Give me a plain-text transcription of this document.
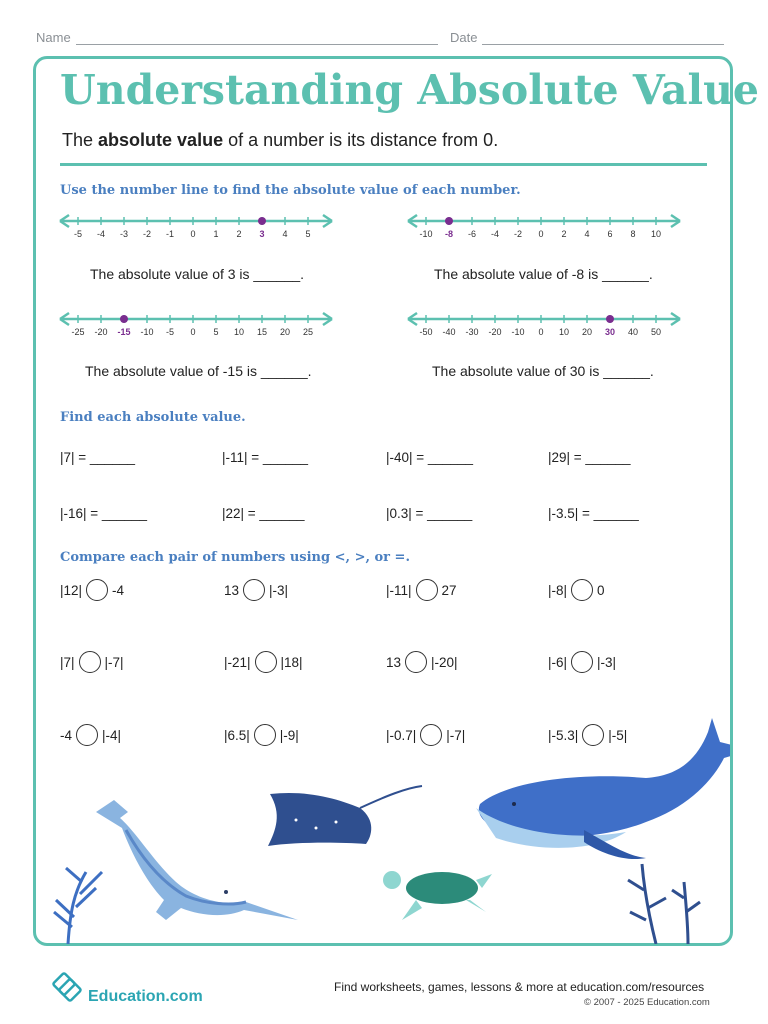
Name	Date
Understanding Absolute Value
The absolute value of a number is its distance from 0.
Use the number line to find the absolute value of each number.
-5 -4 -3 -2 -1 0 1 2 3 4 5	-10 -8 -6 -4 -2 0 2 4 6 8 10
-25 -20 -15 -10 -5 0 5 10 15 20 25	-50 -40 -30 -20 -10 0 10 20 30 40 50
The absolute value of 3 is ______.	The absolute value of -8 is ______.
The absolute value of -15 is ______.	The absolute value of 30 is ______.
Find each absolute value.
|7| = ______	|-11| = ______	|-40| = ______	|29| = ______
|-16| = ______	|22| = ______	|0.3| = ______	|-3.5| = ______
Compare each pair of numbers using <, >, or =.
|12| -4	13 |-3|	|-11| 27	|-8| 0
|7| |-7|	|-21| |18|	13 |-20|	|-6| |-3|
-4 |-4|	|6.5| |-9|	|-0.7| |-7|	|-5.3| |-5|
Education.com
Find worksheets, games, lessons & more at education.com/resources
© 2007 - 2025 Education.com
